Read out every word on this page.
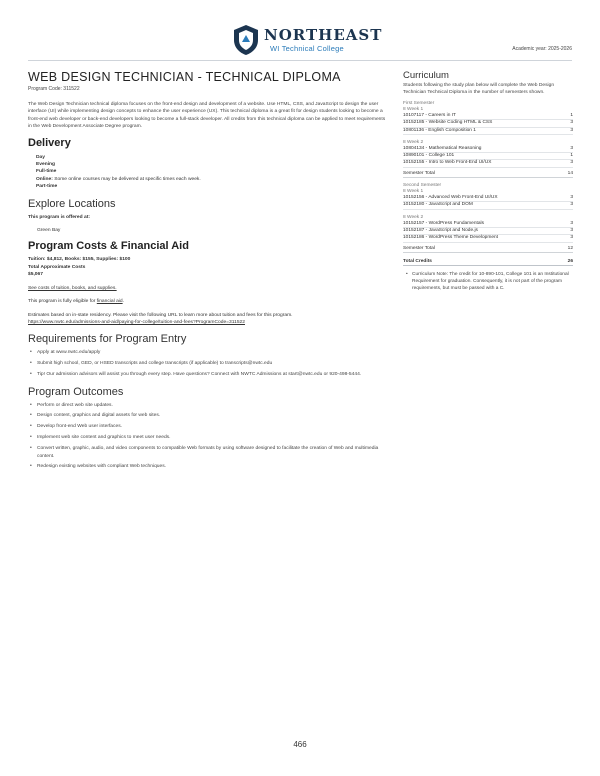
NORTHEAST
WI Technical College	Academic year: 2025-2026
WEB DESIGN TECHNICIAN - TECHNICAL DIPLOMA
Program Code: 311522

The Web Design Technician technical diploma focuses on the front-end design and development of a website. Use HTML, CSS, and JavaScript to design the user interface (UI) while implementing design concepts to enhance the user experience (UX). This technical diploma is a great fit for design students looking to become a front-end web developer or back-end developers looking to become a full-stack developer. All credits from this technical diploma can be applied to meet requirements in the Web Development Associate Degree program.

Delivery
Day
Evening
Full-time
Online: Some online courses may be delivered at specific times each week.
Part-time
Explore Locations
This program is offered at:
Green Bay
Program Costs & Financial Aid
Tuition: $4,812, Books: $155, Supplies: $100
Total Approximate Costs
$5,067
See costs of tuition, books, and supplies.
This program is fully eligible for financial aid.
Estimates based on in-state residency. Please visit the following URL to learn more about tuition and fees for this program.
https://www.nwtc.edu/admissions-and-aid/paying-for-college/tuition-and-fees?ProgramCode=311522
Requirements for Program Entry
• Apply at www.nwtc.edu/apply
• Submit high school, GED, or HSED transcripts and college transcripts (if applicable) to transcripts@nwtc.edu
• Tip! Our admission advisors will assist you through every step. Have questions? Connect with NWTC Admissions at start@nwtc.edu or 920-498-5444.
Program Outcomes
• Perform or direct web site updates.
• Design content, graphics and digital assets for web sites.
• Develop front-end Web user interfaces.
• Implement web site content and graphics to meet user needs.
• Convert written, graphic, audio, and video components to compatible Web formats by using software designed to facilitate the creation of Web and multimedia content.
• Redesign existing websites with compliant Web techniques.
Curriculum
Students following the study plan below will complete the Web Design Technician Technical Diploma in the number of semesters shown.
First Semester
8 Week 1
10107117 - Careers in IT	1
10152185 - Website Coding HTML & CSS	3
10801136 - English Composition 1	3
8 Week 2
10804134 - Mathematical Reasoning	3
10890101 - College 101	1
10152155 - Intro to Web Front-End UI/UX	3
Semester Total	14
Second Semester
8 Week 1
10152156 - Advanced Web Front-End UI/UX	3
10152180 - JavaScript and DOM	3
8 Week 2
10152157 - WordPress Fundamentals	3
10152187 - JavaScript and Node.js	3
10152186 - WordPress Theme Development	3
Semester Total	12
Total Credits	26
• Curriculum Note: The credit for 10-890-101, College 101 is an Institutional Requirement for graduation. Consequently, it is not part of the program requirements, but must be passed with a C.
466
